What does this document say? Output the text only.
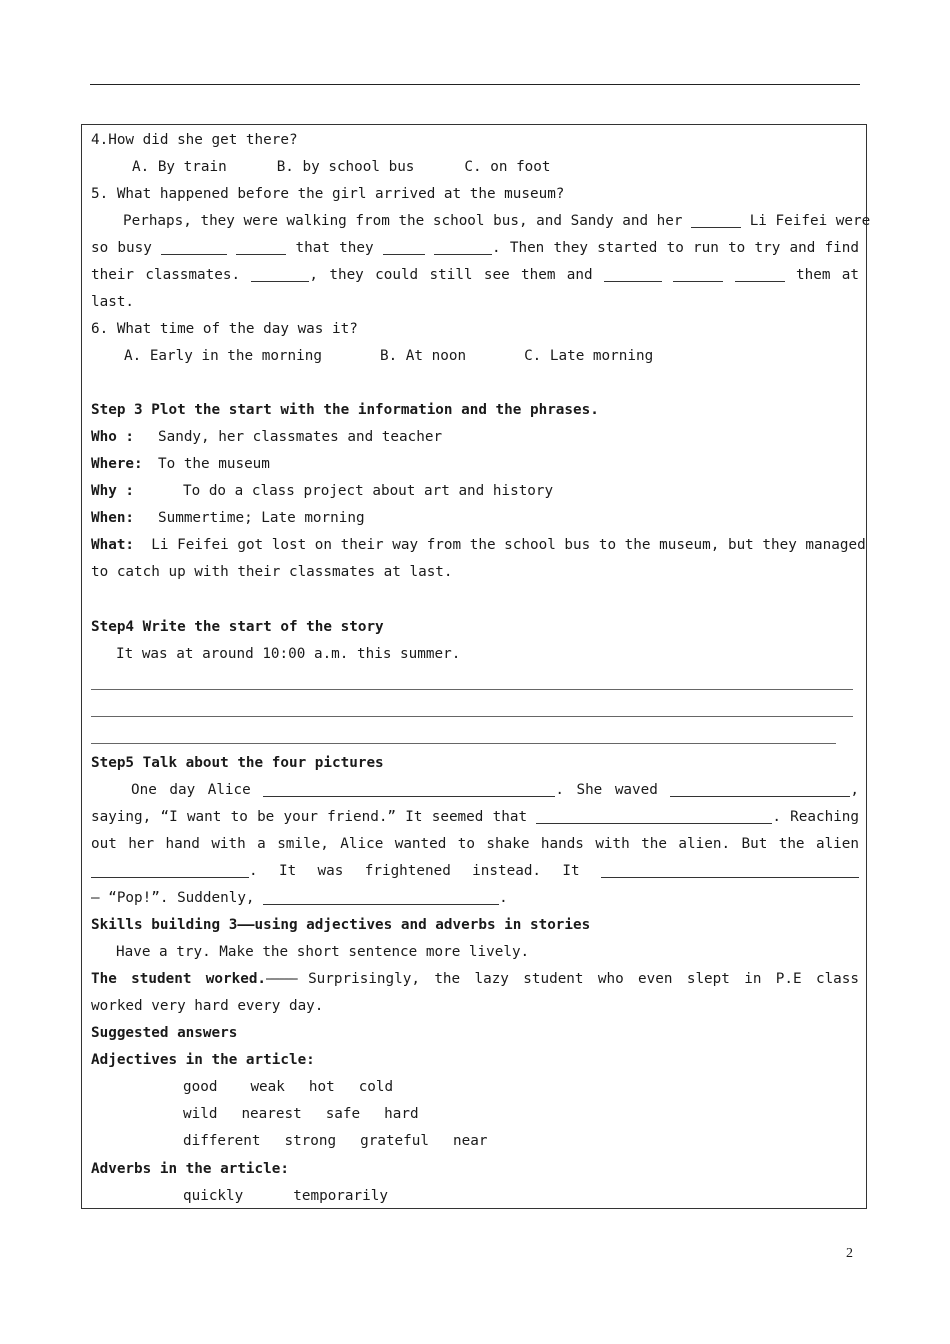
4.How did she get there?
A. By train	B. by school bus	C. on foot
5. What happened before the girl arrived at the museum?
Perhaps, they were walking from the school bus, and Sandy and her	Li Feifei were
so busy	that they	. Then they started to run to try and find
their classmates.	, they could still see them and	them at
last.
6. What time of the day was it?
A. Early in the morning	B. At noon	C. Late morning
Step 3 Plot the start with the information and the phrases.
Who : Sandy, her classmates and teacher
Where: To the museum
Why :	To do a class project about art and history
When: Summertime; Late morning
What: Li Feifei got lost on their way from the school bus to the museum, but they managed
to catch up with their classmates at last.
Step4 Write the start of the story
It was at around 10:00 a.m. this summer.
Step5 Talk about the four pictures
One day Alice	. She waved	,
saying, “I want to be your friend.” It seemed that	. Reaching
out her hand with a smile, Alice wanted to shake hands with the alien. But the alien
. It was frightened instead. It
— “Pop!”. Suddenly,	.
Skills building 3——using adjectives and adverbs in stories
Have a try. Make the short sentence more lively.
The student worked.—————— Surprisingly, the lazy student who even slept in P.E class
worked very hard every day.
Suggested answers
Adjectives in the article:
good weak hot cold
wild nearest safe hard
different strong grateful near
Adverbs in the article:
quickly	temporarily
2
